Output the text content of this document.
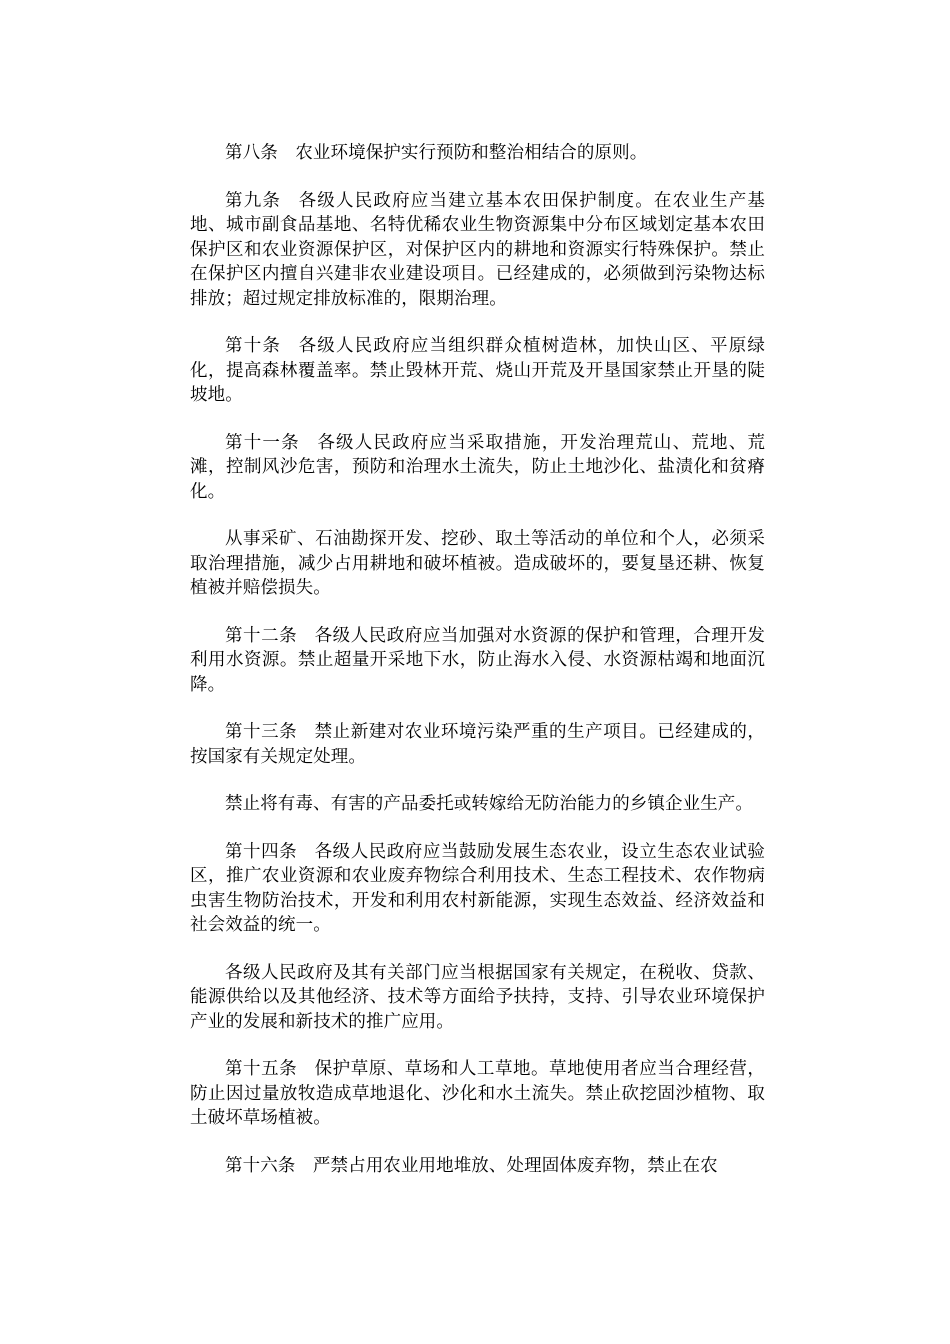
第八条 农业环境保护实行预防和整治相结合的原则。

第九条 各级人民政府应当建立基本农田保护制度。在农业生产基地、城市副食品基地、名特优稀农业生物资源集中分布区域划定基本农田保护区和农业资源保护区，对保护区内的耕地和资源实行特殊保护。禁止在保护区内擅自兴建非农业建设项目。已经建成的，必须做到污染物达标排放；超过规定排放标准的，限期治理。

第十条 各级人民政府应当组织群众植树造林，加快山区、平原绿化，提高森林覆盖率。禁止毁林开荒、烧山开荒及开垦国家禁止开垦的陡坡地。

第十一条 各级人民政府应当采取措施，开发治理荒山、荒地、荒滩，控制风沙危害，预防和治理水土流失，防止土地沙化、盐渍化和贫瘠化。

从事采矿、石油勘探开发、挖砂、取土等活动的单位和个人，必须采取治理措施，减少占用耕地和破坏植被。造成破坏的，要复垦还耕、恢复植被并赔偿损失。

第十二条 各级人民政府应当加强对水资源的保护和管理，合理开发利用水资源。禁止超量开采地下水，防止海水入侵、水资源枯竭和地面沉降。

第十三条 禁止新建对农业环境污染严重的生产项目。已经建成的，按国家有关规定处理。

禁止将有毒、有害的产品委托或转嫁给无防治能力的乡镇企业生产。

第十四条 各级人民政府应当鼓励发展生态农业，设立生态农业试验区，推广农业资源和农业废弃物综合利用技术、生态工程技术、农作物病虫害生物防治技术，开发和利用农村新能源，实现生态效益、经济效益和社会效益的统一。

各级人民政府及其有关部门应当根据国家有关规定，在税收、贷款、能源供给以及其他经济、技术等方面给予扶持，支持、引导农业环境保护产业的发展和新技术的推广应用。

第十五条 保护草原、草场和人工草地。草地使用者应当合理经营，防止因过量放牧造成草地退化、沙化和水土流失。禁止砍挖固沙植物、取土破坏草场植被。

第十六条 严禁占用农业用地堆放、处理固体废弃物，禁止在农
